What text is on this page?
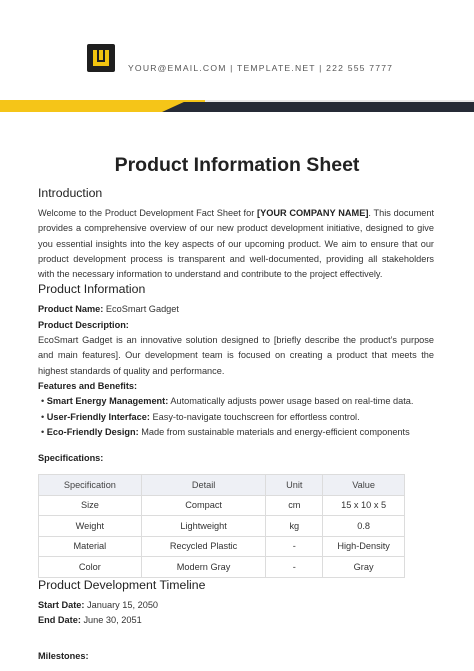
YOUR@EMAIL.COM | TEMPLATE.NET | 222 555 7777
Product Information Sheet
Introduction
Welcome to the Product Development Fact Sheet for [YOUR COMPANY NAME]. This document provides a comprehensive overview of our new product development initiative, designed to give you essential insights into the key aspects of our upcoming product. We aim to ensure that our product development process is transparent and well-documented, providing all stakeholders with the necessary information to understand and contribute to the project effectively.
Product Information
Product Name: EcoSmart Gadget
Product Description:
EcoSmart Gadget is an innovative solution designed to [briefly describe the product’s purpose and main features]. Our development team is focused on creating a product that meets the highest standards of quality and performance.
Features and Benefits:
• Smart Energy Management: Automatically adjusts power usage based on real-time data.
• User-Friendly Interface: Easy-to-navigate touchscreen for effortless control.
• Eco-Friendly Design: Made from sustainable materials and energy-efficient components
Specifications:
Specification	Detail	Unit	Value
Size	Compact	cm	15 x 10 x 5
Weight	Lightweight	kg	0.8
Material	Recycled Plastic	-	High-Density
Color	Modern Gray	-	Gray
Product Development Timeline
Start Date: January 15, 2050
End Date: June 30, 2051
Milestones:
